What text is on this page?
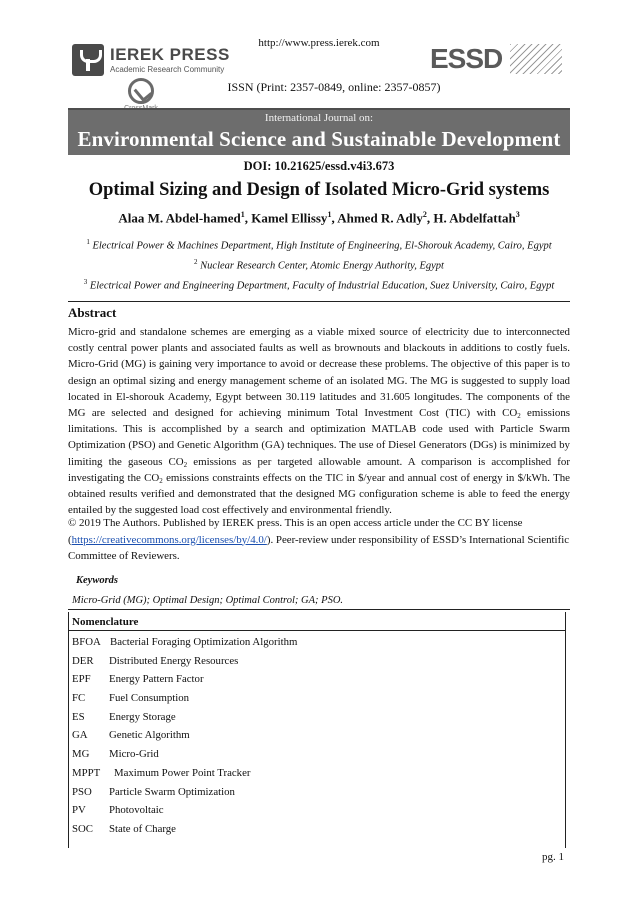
http://www.press.ierek.com
IEREK PRESS
Academic Research Community
ISSN (Print: 2357-0849, online: 2357-0857)
ESSD
International Journal on:
Environmental Science and Sustainable Development
DOI: 10.21625/essd.v4i3.673
Optimal Sizing and Design of Isolated Micro-Grid systems
Alaa M. Abdel-hamed$^1$, Kamel Ellissy$^1$, Ahmed R. Adly$^2$, H. Abdelfattah$^3$
$^1$ Electrical Power & Machines Department, High Institute of Engineering, El-Shorouk Academy, Cairo, Egypt
$^2$ Nuclear Research Center, Atomic Energy Authority, Egypt
$^3$ Electrical Power and Engineering Department, Faculty of Industrial Education, Suez University, Cairo, Egypt
Abstract
Micro-grid and standalone schemes are emerging as a viable mixed source of electricity due to interconnected costly central power plants and associated faults as well as brownouts and blackouts in additions to costly fuels. Micro-Grid (MG) is gaining very importance to avoid or decrease these problems. The objective of this paper is to design an optimal sizing and energy management scheme of an isolated MG. The MG is suggested to supply load located in El-shorouk Academy, Egypt between 30.119 latitudes and 31.605 longitudes. The components of the MG are selected and designed for achieving minimum Total Investment Cost (TIC) with $CO_2$ emissions limitations. This is accomplished by a search and optimization MATLAB code used with Particle Swarm Optimization (PSO) and Genetic Algorithm (GA) techniques. The use of Diesel Generators (DGs) is minimized by limiting the gaseous $CO_2$ emissions as per targeted allowable amount. A comparison is accomplished for investigating the $CO_2$ emissions constraints effects on the TIC in $/year and annual cost of energy in $/kWh. The obtained results verified and demonstrated that the designed MG configuration scheme is able to feed the energy entailed by the suggested load cost effectively and environmental friendly.
© 2019 The Authors. Published by IEREK press. This is an open access article under the CC BY license (https://creativecommons.org/licenses/by/4.0/). Peer-review under responsibility of ESSD’s International Scientific Committee of Reviewers.
Keywords
Micro-Grid (MG); Optimal Design; Optimal Control; GA; PSO.
Nomenclature
BFOA Bacterial Foraging Optimization Algorithm
DER Distributed Energy Resources
EPF Energy Pattern Factor
FC Fuel Consumption
ES Energy Storage
GA Genetic Algorithm
MG Micro-Grid
MPPT Maximum Power Point Tracker
PSO Particle Swarm Optimization
PV Photovoltaic
SOC State of Charge
pg. 1
